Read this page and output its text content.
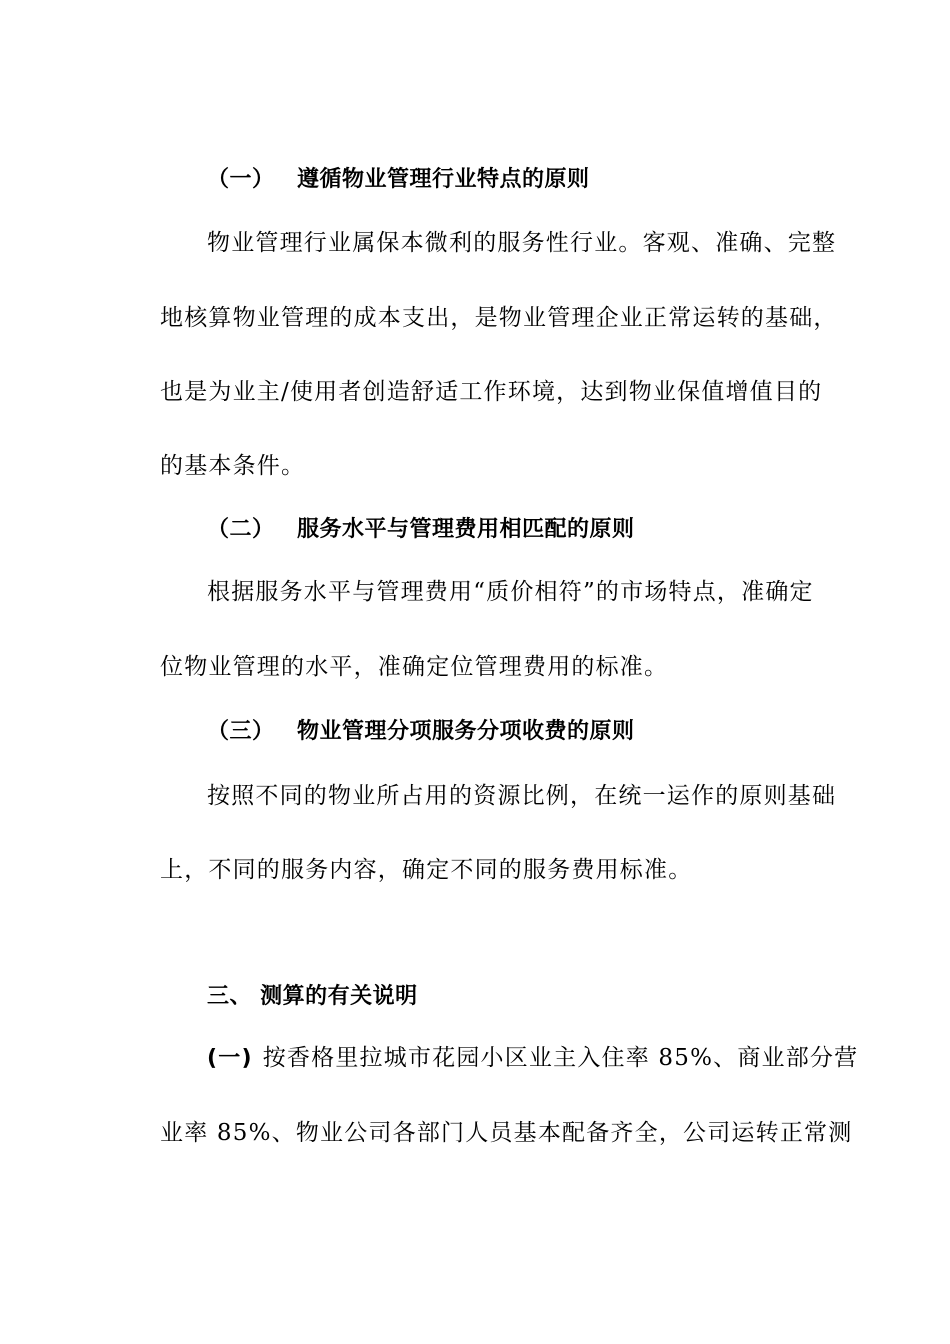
（一） 遵循物业管理行业特点的原则
物业管理行业属保本微利的服务性行业。客观、准确、完整
地核算物业管理的成本支出，是物业管理企业正常运转的基础，
也是为业主/使用者创造舒适工作环境，达到物业保值增值目的
的基本条件。
（二） 服务水平与管理费用相匹配的原则
根据服务水平与管理费用“质价相符”的市场特点，准确定
位物业管理的水平，准确定位管理费用的标准。
（三） 物业管理分项服务分项收费的原则
按照不同的物业所占用的资源比例，在统一运作的原则基础
上，不同的服务内容，确定不同的服务费用标准。
三、 测算的有关说明
(一) 按香格里拉城市花园小区业主入住率 85%、商业部分营
业率 85%、物业公司各部门人员基本配备齐全，公司运转正常测
